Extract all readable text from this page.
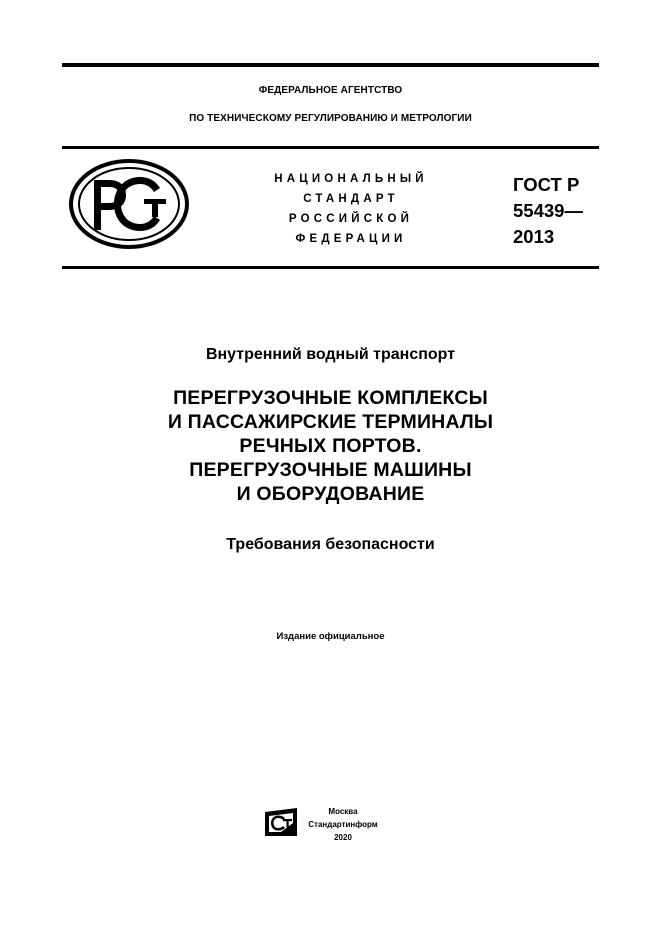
ФЕДЕРАЛЬНОЕ АГЕНТСТВО
ПО ТЕХНИЧЕСКОМУ РЕГУЛИРОВАНИЮ И МЕТРОЛОГИИ
НАЦИОНАЛЬНЫЙ
СТАНДАРТ
РОССИЙСКОЙ
ФЕДЕРАЦИИ
ГОСТ Р
55439—
2013
Внутренний водный транспорт
ПЕРЕГРУЗОЧНЫЕ КОМПЛЕКСЫ
И ПАССАЖИРСКИЕ ТЕРМИНАЛЫ
РЕЧНЫХ ПОРТОВ.
ПЕРЕГРУЗОЧНЫЕ МАШИНЫ
И ОБОРУДОВАНИЕ
Требования безопасности
Издание официальное
Москва
Стандартинформ
2020
